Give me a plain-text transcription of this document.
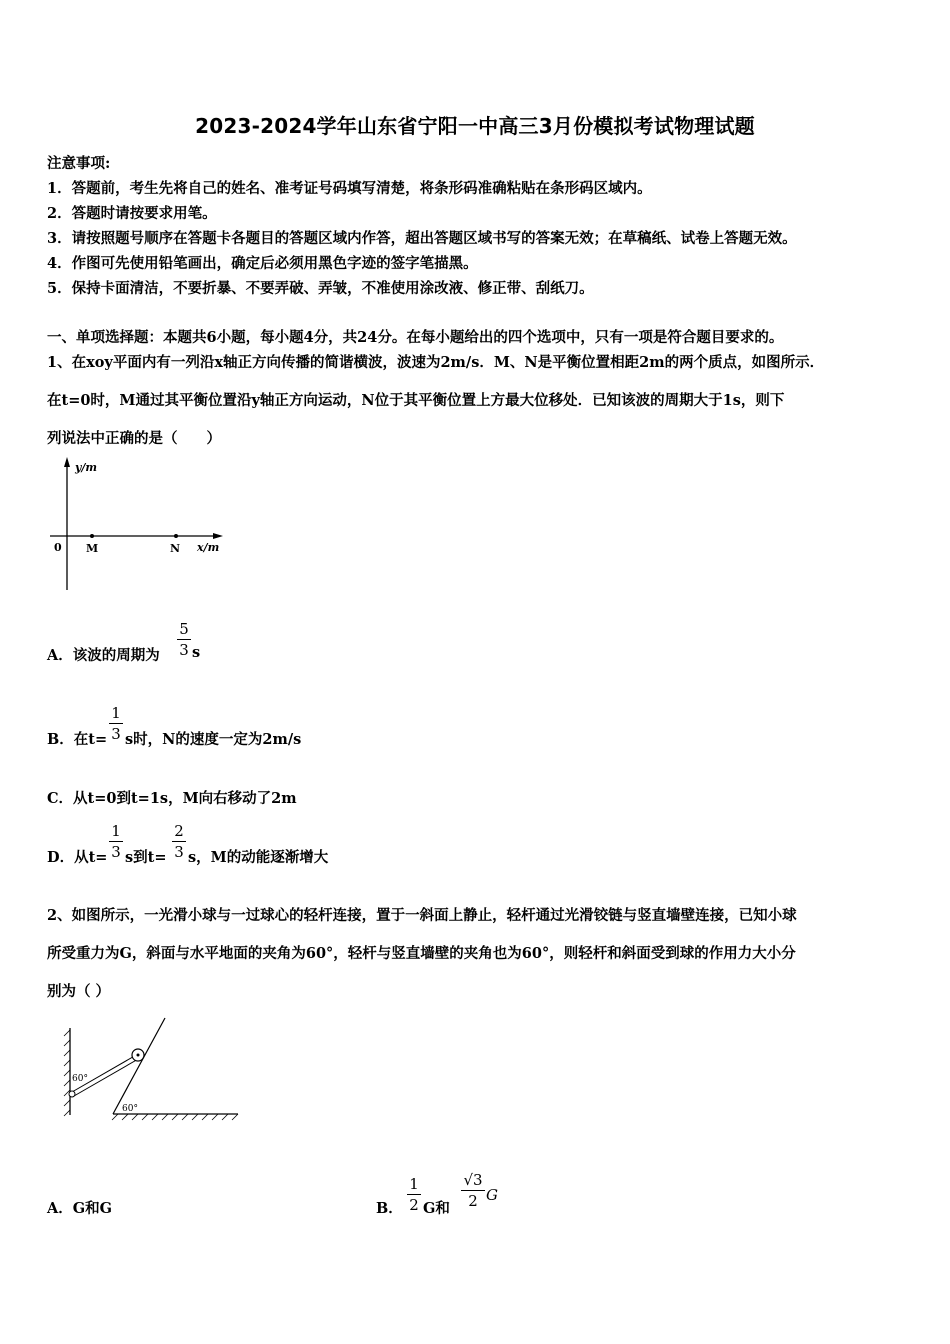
2023-2024学年山东省宁阳一中高三3月份模拟考试物理试题
注意事项:
1．答题前，考生先将自己的姓名、准考证号码填写清楚，将条形码准确粘贴在条形码区域内。
2．答题时请按要求用笔。
3．请按照题号顺序在答题卡各题目的答题区域内作答，超出答题区域书写的答案无效；在草稿纸、试卷上答题无效。
4．作图可先使用铅笔画出，确定后必须用黑色字迹的签字笔描黑。
5．保持卡面清洁，不要折暴、不要弄破、弄皱，不准使用涂改液、修正带、刮纸刀。
一、单项选择题：本题共6小题，每小题4分，共24分。在每小题给出的四个选项中，只有一项是符合题目要求的。
1、在xoy平面内有一列沿x轴正方向传播的简谐横波，波速为2m/s．M、N是平衡位置相距2m的两个质点，如图所示．
在t=0时，M通过其平衡位置沿y轴正方向运动，N位于其平衡位置上方最大位移处．已知该波的周期大于1s，则下
列说法中正确的是（　　）
y/m
x/m
0 M	N
A．该波的周期为
5
3 s
B．在t=
1
3 s时，N的速度一定为2m/s
C．从t=0到t=1s，M向右移动了2m
D．从t=
1
3 s到t=
2
3 s，M的动能逐渐增大
2、如图所示，一光滑小球与一过球心的轻杆连接，置于一斜面上静止，轻杆通过光滑铰链与竖直墙壁连接，已知小球
所受重力为G，斜面与水平地面的夹角为60°，轻杆与竖直墙壁的夹角也为60°，则轻杆和斜面受到球的作用力大小分
别为（ ）
60°
60°
A．G和G	B．
1
2 G和
√3
2 G
